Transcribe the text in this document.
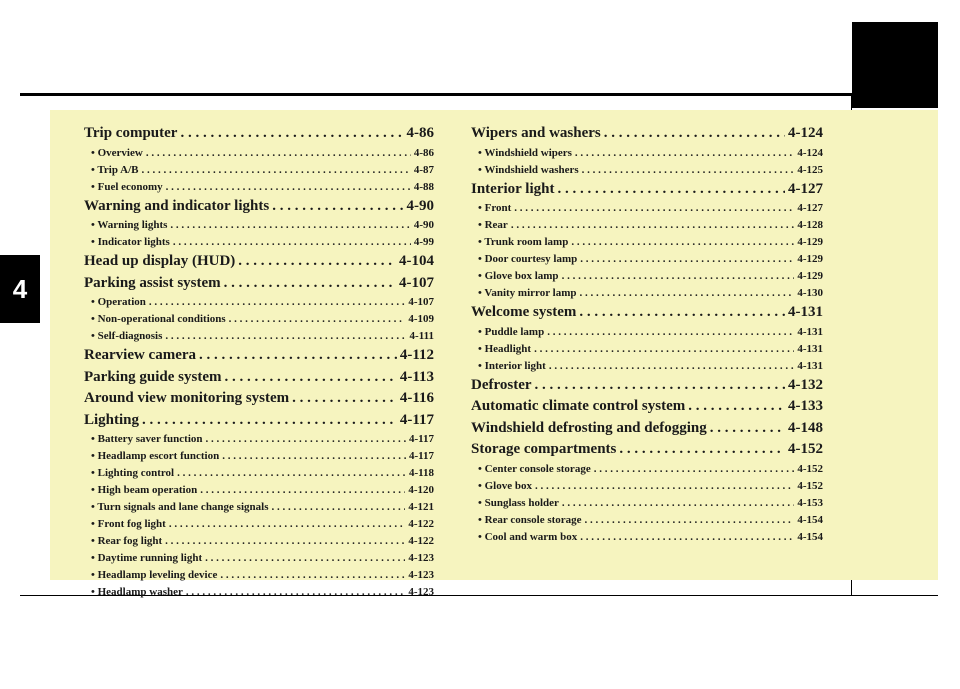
4
Trip computer . . .	4-86
• Overview . . .	4-86
• Trip A/B . . .	4-87
• Fuel economy . . .	4-88
Warning and indicator lights . . .	4-90
• Warning lights . . .	4-90
• Indicator lights . . .	4-99
Head up display (HUD) . . .	4-104
Parking assist system . . .	4-107
• Operation . . .	4-107
• Non-operational conditions . . .	4-109
• Self-diagnosis . . .	4-111
Rearview camera . . .	4-112
Parking guide system . . .	4-113
Around view monitoring system . . .	4-116
Lighting . . .	4-117
• Battery saver function . . .	4-117
• Headlamp escort function . . .	4-117
• Lighting control . . .	4-118
• High beam operation . . .	4-120
• Turn signals and lane change signals . . .	4-121
• Front fog light . . .	4-122
• Rear fog light . . .	4-122
• Daytime running light . . .	4-123
• Headlamp leveling device . . .	4-123
• Headlamp washer . . .	4-123
Wipers and washers . . .	4-124
• Windshield wipers . . .	4-124
• Windshield washers . . .	4-125
Interior light . . .	4-127
• Front . . .	4-127
• Rear . . .	4-128
• Trunk room lamp . . .	4-129
• Door courtesy lamp . . .	4-129
• Glove box lamp . . .	4-129
• Vanity mirror lamp . . .	4-130
Welcome system . . .	4-131
• Puddle lamp . . .	4-131
• Headlight . . .	4-131
• Interior light . . .	4-131
Defroster . . .	4-132
Automatic climate control system . . .	4-133
Windshield defrosting and defogging . . .	4-148
Storage compartments . . .	4-152
• Center console storage . . .	4-152
• Glove box . . .	4-152
• Sunglass holder . . .	4-153
• Rear console storage . . .	4-154
• Cool and warm box . . .	4-154
